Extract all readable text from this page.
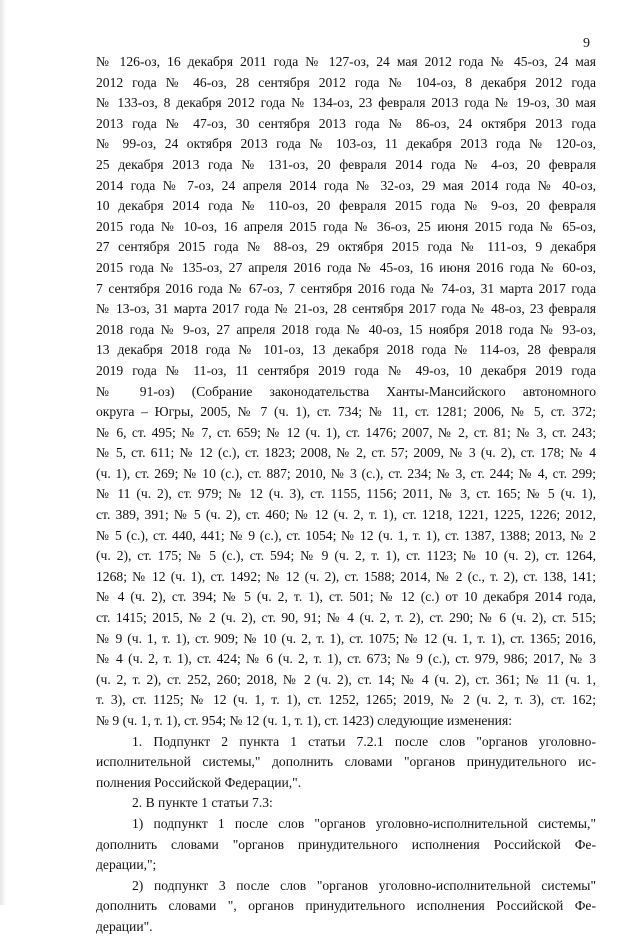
9
№ 126-оз, 16 декабря 2011 года № 127-оз, 24 мая 2012 года № 45-оз, 24 мая
2012 года № 46-оз, 28 сентября 2012 года № 104-оз, 8 декабря 2012 года
№ 133-оз, 8 декабря 2012 года № 134-оз, 23 февраля 2013 года № 19-оз, 30 мая
2013 года № 47-оз, 30 сентября 2013 года № 86-оз, 24 октября 2013 года
№ 99-оз, 24 октября 2013 года № 103-оз, 11 декабря 2013 года № 120-оз,
25 декабря 2013 года № 131-оз, 20 февраля 2014 года № 4-оз, 20 февраля
2014 года № 7-оз, 24 апреля 2014 года № 32-оз, 29 мая 2014 года № 40-оз,
10 декабря 2014 года № 110-оз, 20 февраля 2015 года № 9-оз, 20 февраля
2015 года № 10-оз, 16 апреля 2015 года № 36-оз, 25 июня 2015 года № 65-оз,
27 сентября 2015 года № 88-оз, 29 октября 2015 года № 111-оз, 9 декабря
2015 года № 135-оз, 27 апреля 2016 года № 45-оз, 16 июня 2016 года № 60-оз,
7 сентября 2016 года № 67-оз, 7 сентября 2016 года № 74-оз, 31 марта 2017 года
№ 13-оз, 31 марта 2017 года № 21-оз, 28 сентября 2017 года № 48-оз, 23 февраля
2018 года № 9-оз, 27 апреля 2018 года № 40-оз, 15 ноября 2018 года № 93-оз,
13 декабря 2018 года № 101-оз, 13 декабря 2018 года № 114-оз, 28 февраля
2019 года № 11-оз, 11 сентября 2019 года № 49-оз, 10 декабря 2019 года
№ 91-оз) (Собрание законодательства Ханты-Мансийского автономного
округа – Югры, 2005, № 7 (ч. 1), ст. 734; № 11, ст. 1281; 2006, № 5, ст. 372;
№ 6, ст. 495; № 7, ст. 659; № 12 (ч. 1), ст. 1476; 2007, № 2, ст. 81; № 3, ст. 243;
№ 5, ст. 611; № 12 (с.), ст. 1823; 2008, № 2, ст. 57; 2009, № 3 (ч. 2), ст. 178; № 4
(ч. 1), ст. 269; № 10 (с.), ст. 887; 2010, № 3 (с.), ст. 234; № 3, ст. 244; № 4, ст. 299;
№ 11 (ч. 2), ст. 979; № 12 (ч. 3), ст. 1155, 1156; 2011, № 3, ст. 165; № 5 (ч. 1),
ст. 389, 391; № 5 (ч. 2), ст. 460; № 12 (ч. 2, т. 1), ст. 1218, 1221, 1225, 1226; 2012,
№ 5 (с.), ст. 440, 441; № 9 (с.), ст. 1054; № 12 (ч. 1, т. 1), ст. 1387, 1388; 2013, № 2
(ч. 2), ст. 175; № 5 (с.), ст. 594; № 9 (ч. 2, т. 1), ст. 1123; № 10 (ч. 2), ст. 1264,
1268; № 12 (ч. 1), ст. 1492; № 12 (ч. 2), ст. 1588; 2014, № 2 (с., т. 2), ст. 138, 141;
№ 4 (ч. 2), ст. 394; № 5 (ч. 2, т. 1), ст. 501; № 12 (с.) от 10 декабря 2014 года,
ст. 1415; 2015, № 2 (ч. 2), ст. 90, 91; № 4 (ч. 2, т. 2), ст. 290; № 6 (ч. 2), ст. 515;
№ 9 (ч. 1, т. 1), ст. 909; № 10 (ч. 2, т. 1), ст. 1075; № 12 (ч. 1, т. 1), ст. 1365; 2016,
№ 4 (ч. 2, т. 1), ст. 424; № 6 (ч. 2, т. 1), ст. 673; № 9 (с.), ст. 979, 986; 2017, № 3
(ч. 2, т. 2), ст. 252, 260; 2018, № 2 (ч. 2), ст. 14; № 4 (ч. 2), ст. 361; № 11 (ч. 1,
т. 3), ст. 1125; № 12 (ч. 1, т. 1), ст. 1252, 1265; 2019, № 2 (ч. 2, т. 3), ст. 162;
№ 9 (ч. 1, т. 1), ст. 954; № 12 (ч. 1, т. 1), ст. 1423) следующие изменения:
1. Подпункт 2 пункта 1 статьи 7.2.1 после слов "органов уголовно-
исполнительной системы," дополнить словами "органов принудительного ис-
полнения Российской Федерации,".
2. В пункте 1 статьи 7.3:
1) подпункт 1 после слов "органов уголовно-исполнительной системы,"
дополнить словами "органов принудительного исполнения Российской Фе-
дерации,";
2) подпункт 3 после слов "органов уголовно-исполнительной системы"
дополнить словами ", органов принудительного исполнения Российской Фе-
дерации".
